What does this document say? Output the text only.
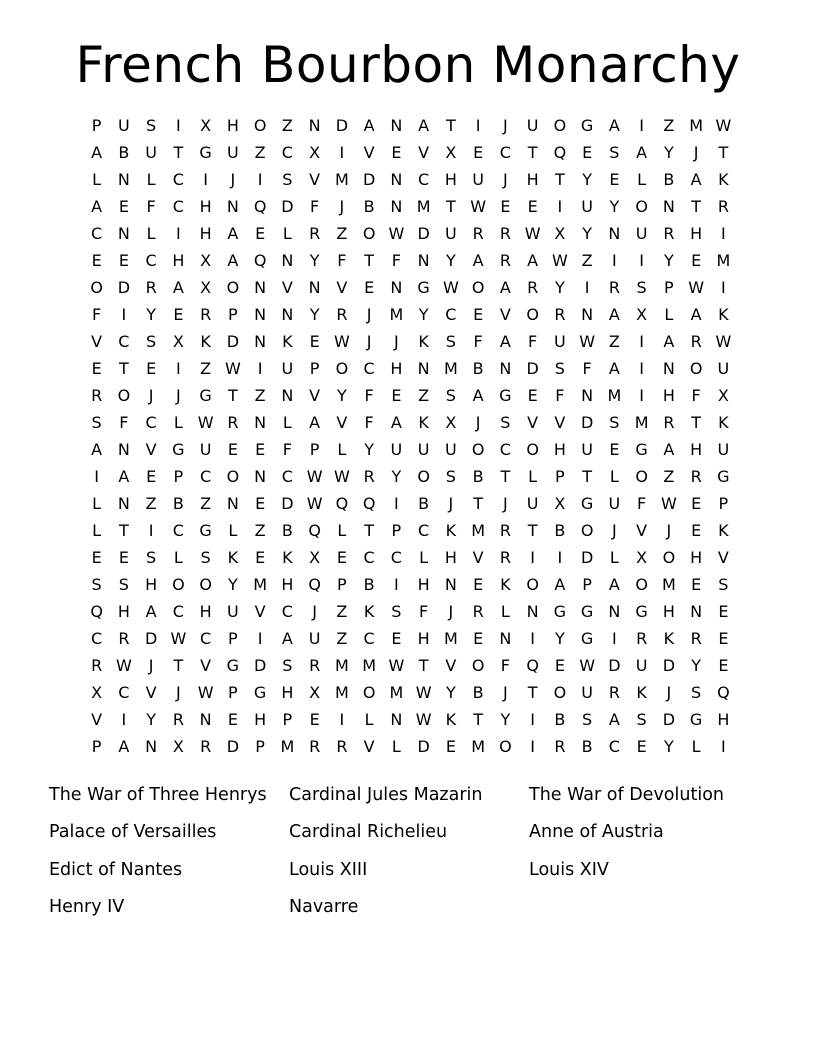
French Bourbon Monarchy
P	U	S	I	X H O Z N D A N A	T	I	J	U O G A	I	Z M W
A	B U	T	G U Z	C	X	I	V	E	V	X	E	C	T	Q E	S	A	Y	J	T
L	N	L	C	I	J	I	S	V M D N C H U	J	H	T	Y	E	L	B	A	K
A	E	F	C H N Q D	F	J	B N M T W E	E	I	U	Y	O N	T	R
C N	L	I	H A	E	L	R	Z O W D U R	R W X	Y	N U R H	I
E	E	C H X	A Q N	Y	F	T	F	N	Y	A	R	A W Z	I	I	Y	E M
O D R	A	X O N V N V	E	N G W O A	R	Y	I	R	S	P W	I
F	I	Y	E	R	P	N N	Y	R	J	M Y	C	E	V O R N A	X	L	A	K
V	C	S	X	K D N	K	E W	J	J	K	S	F	A	F	U W Z	I	A	R W
E	T	E	I	Z W	I	U	P	O C H N M B N D	S	F	A	I	N O U
R O	J	J	G	T	Z N V	Y	F	E	Z	S	A G E	F	N M	I	H	F	X
S	F	C	L W R N	L	A	V	F	A	K	X	J	S	V	V D	S M R	T	K
A N V G U	E	E	F	P	L	Y	U U U O C O H U	E	G A H U
I	A	E	P	C O N C W W R	Y	O S	B	T	L	P	T	L	O Z	R G
L	N Z	B	Z N	E	D W Q Q	I	B	J	T	J	U X G U	F W E	P
L	T	I	C G	L	Z	B Q	L	T	P	C	K M R	T	B O	J	V	J	E	K
E	E	S	L	S	K	E	K	X	E	C	C	L	H V	R	I	I	D	L	X O H V
S	S	H O O	Y M H Q	P	B	I	H N	E	K O A	P	A O M E	S
Q H A	C H U V	C	J	Z	K	S	F	J	R	L	N G G N G H N	E
C	R D W C	P	I	A U Z	C	E	H M E	N	I	Y	G	I	R	K	R	E
R W	J	T	V G D	S	R M M W T	V O	F	Q E W D U D	Y	E
X	C	V	J	W P	G H X M O M W Y	B	J	T	O U R	K	J	S Q
V	I	Y	R N	E	H	P	E	I	L	N W K	T	Y	I	B	S	A	S	D G H
P	A N X	R D	P M R	R	V	L	D	E M O	I	R	B	C	E	Y	L	I
The War of Three Henrys	Cardinal Jules Mazarin	The War of Devolution
Palace of Versailles	Cardinal Richelieu	Anne of Austria
Edict of Nantes	Louis XIII	Louis XIV
Henry IV	Navarre
